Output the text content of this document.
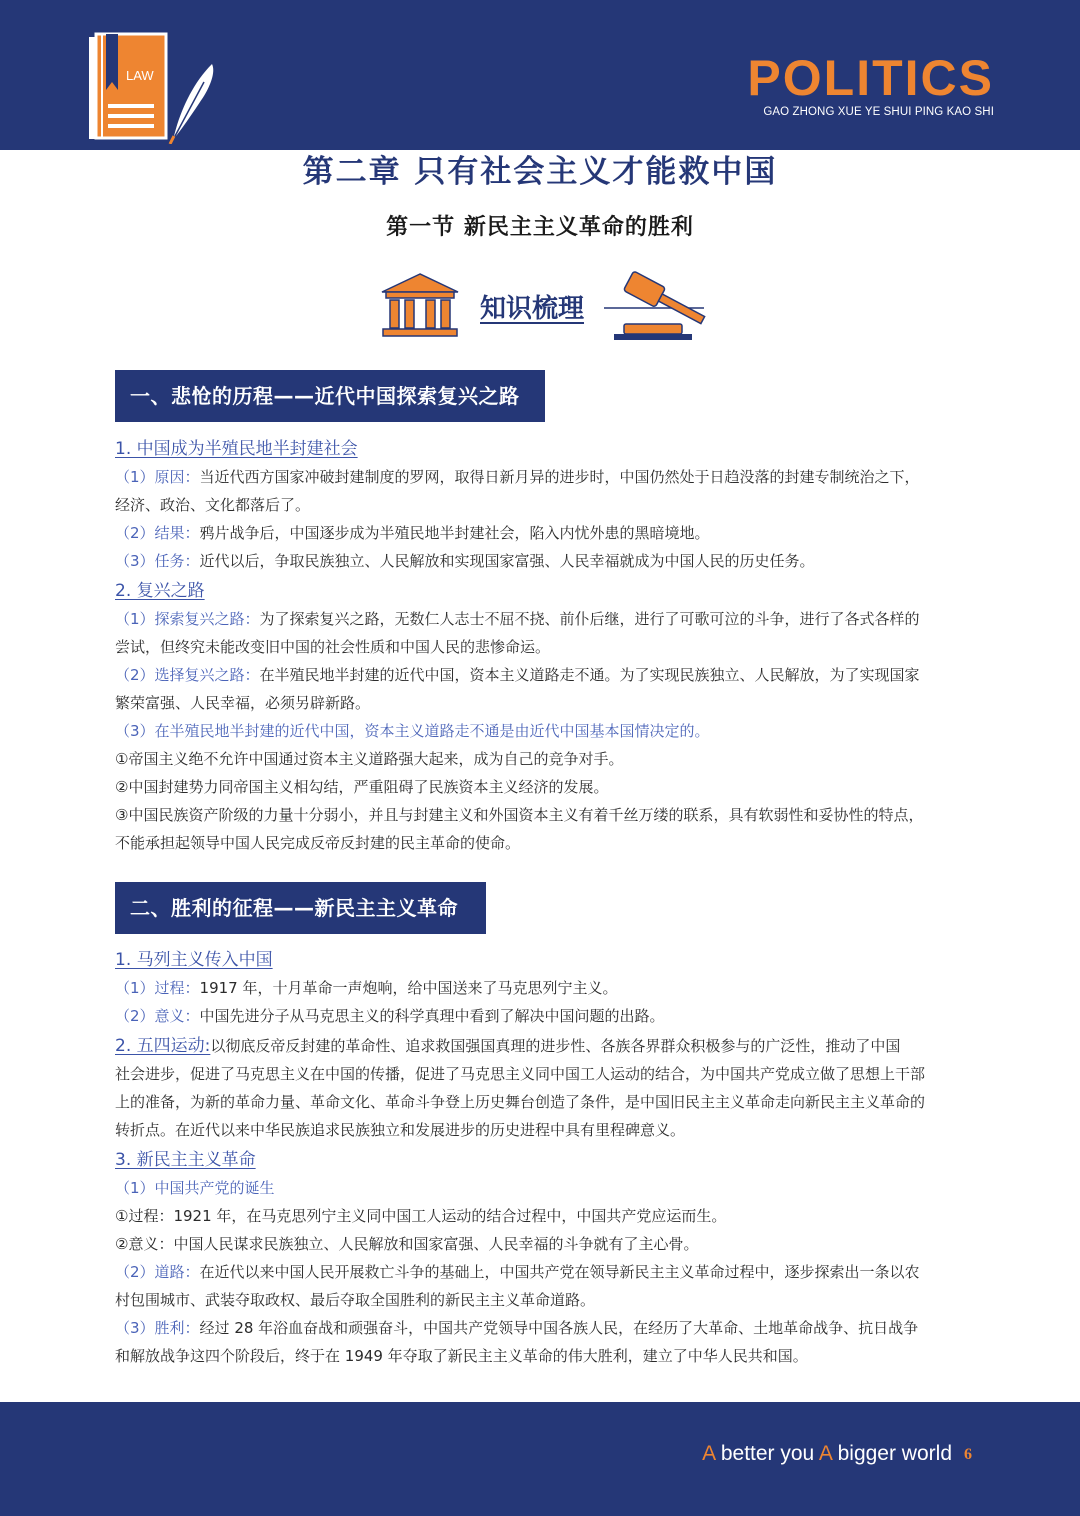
LAW	POLITICS
GAO ZHONG XUE YE SHUI PING KAO SHI
第二章 只有社会主义才能救中国
第一节 新民主主义革命的胜利
知识梳理
一、悲怆的历程——近代中国探索复兴之路
1. 中国成为半殖民地半封建社会
（1）原因：当近代西方国家冲破封建制度的罗网，取得日新月异的进步时，中国仍然处于日趋没落的封建专制统治之下，
经济、政治、文化都落后了。
（2）结果：鸦片战争后，中国逐步成为半殖民地半封建社会，陷入内忧外患的黑暗境地。
（3）任务：近代以后，争取民族独立、人民解放和实现国家富强、人民幸福就成为中国人民的历史任务。
2. 复兴之路
（1）探索复兴之路：为了探索复兴之路，无数仁人志士不屈不挠、前仆后继，进行了可歌可泣的斗争，进行了各式各样的
尝试，但终究未能改变旧中国的社会性质和中国人民的悲惨命运。
（2）选择复兴之路：在半殖民地半封建的近代中国，资本主义道路走不通。为了实现民族独立、人民解放，为了实现国家
繁荣富强、人民幸福，必须另辟新路。
（3）在半殖民地半封建的近代中国，资本主义道路走不通是由近代中国基本国情决定的。
①帝国主义绝不允许中国通过资本主义道路强大起来，成为自己的竞争对手。
②中国封建势力同帝国主义相勾结，严重阻碍了民族资本主义经济的发展。
③中国民族资产阶级的力量十分弱小，并且与封建主义和外国资本主义有着千丝万缕的联系，具有软弱性和妥协性的特点，
不能承担起领导中国人民完成反帝反封建的民主革命的使命。
二、胜利的征程——新民主主义革命
1. 马列主义传入中国
（1）过程：1917 年，十月革命一声炮响，给中国送来了马克思列宁主义。
（2）意义：中国先进分子从马克思主义的科学真理中看到了解决中国问题的出路。
2. 五四运动:以彻底反帝反封建的革命性、追求救国强国真理的进步性、各族各界群众积极参与的广泛性，推动了中国
社会进步，促进了马克思主义在中国的传播，促进了马克思主义同中国工人运动的结合，为中国共产党成立做了思想上干部
上的准备，为新的革命力量、革命文化、革命斗争登上历史舞台创造了条件，是中国旧民主主义革命走向新民主主义革命的
转折点。在近代以来中华民族追求民族独立和发展进步的历史进程中具有里程碑意义。
3. 新民主主义革命
（1）中国共产党的诞生
①过程：1921 年，在马克思列宁主义同中国工人运动的结合过程中，中国共产党应运而生。
②意义：中国人民谋求民族独立、人民解放和国家富强、人民幸福的斗争就有了主心骨。
（2）道路：在近代以来中国人民开展救亡斗争的基础上，中国共产党在领导新民主主义革命过程中，逐步探索出一条以农
村包围城市、武装夺取政权、最后夺取全国胜利的新民主主义革命道路。
（3）胜利：经过 28 年浴血奋战和顽强奋斗，中国共产党领导中国各族人民，在经历了大革命、土地革命战争、抗日战争
和解放战争这四个阶段后，终于在 1949 年夺取了新民主主义革命的伟大胜利，建立了中华人民共和国。
A better you A bigger world 6
